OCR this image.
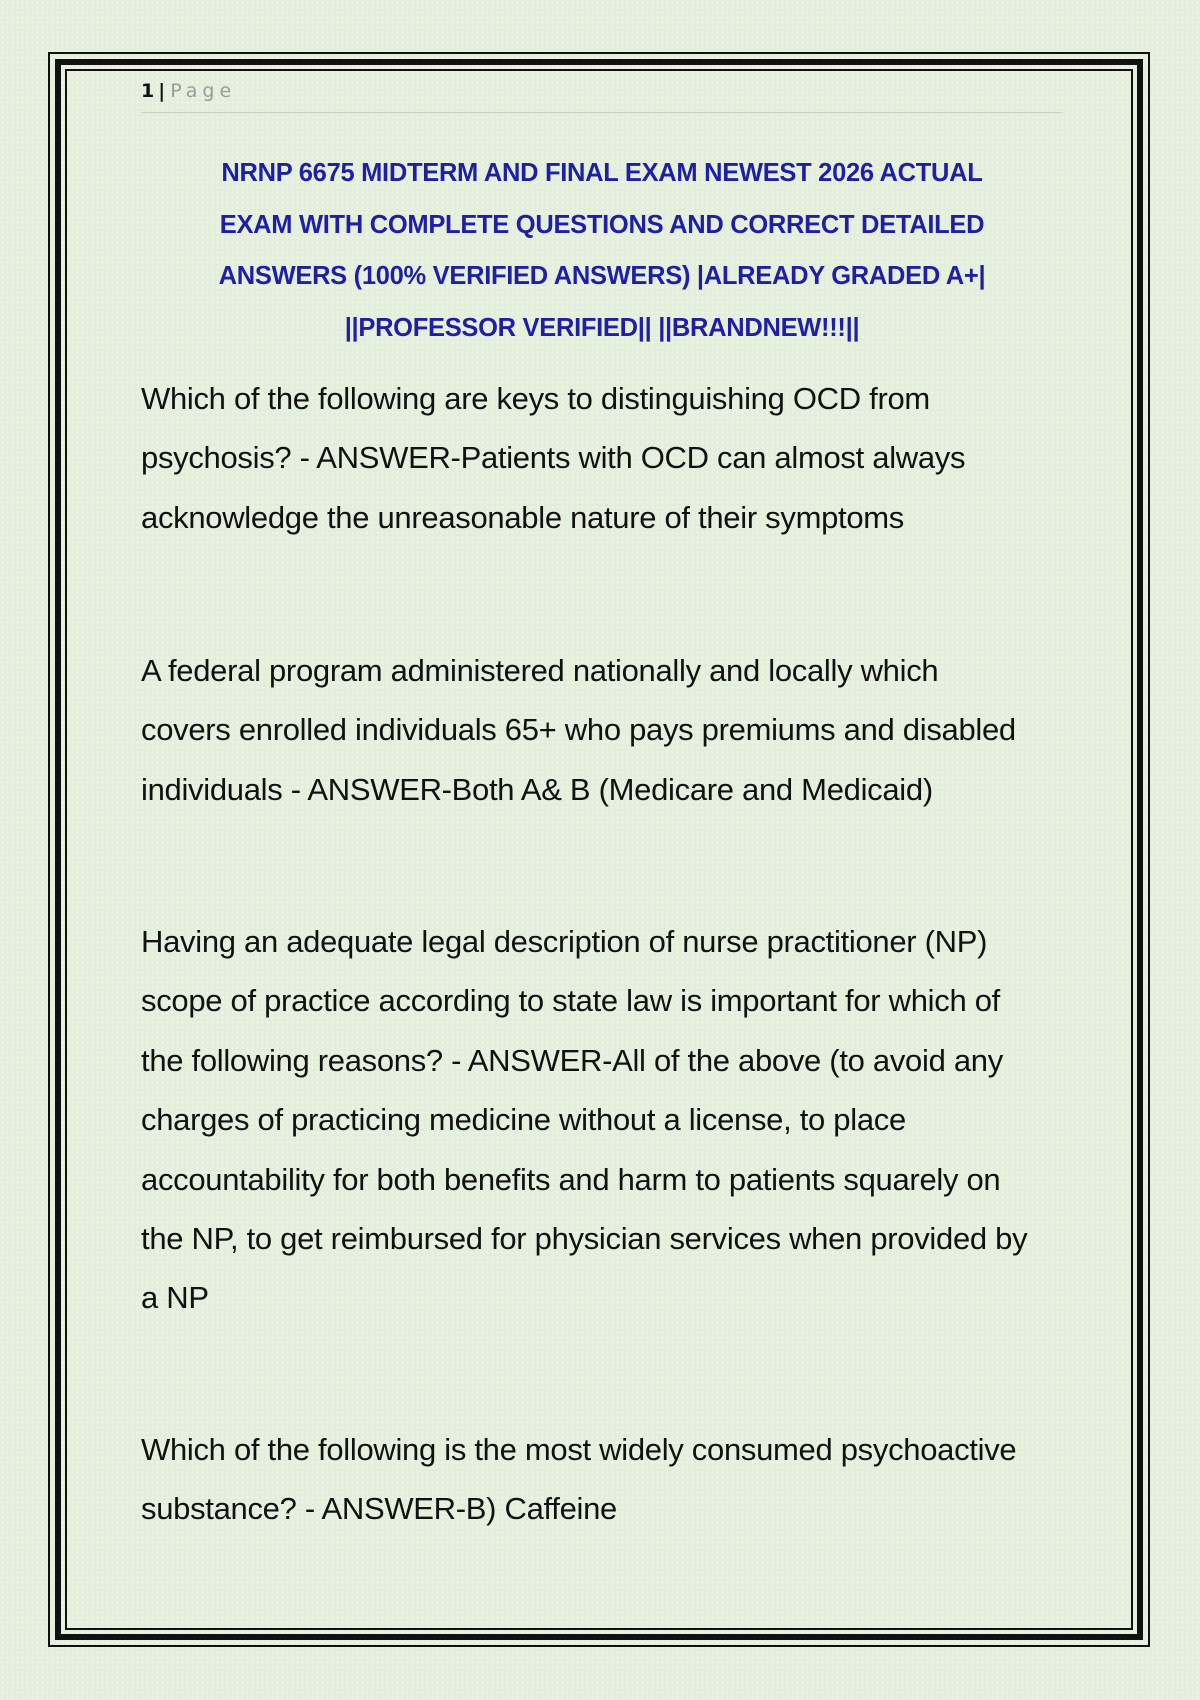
1 | Page
NRNP 6675 MIDTERM AND FINAL EXAM NEWEST 2026 ACTUAL
EXAM WITH COMPLETE QUESTIONS AND CORRECT DETAILED
ANSWERS (100% VERIFIED ANSWERS) |ALREADY GRADED A+|
||PROFESSOR VERIFIED|| ||BRANDNEW!!!||
Which of the following are keys to distinguishing OCD from
psychosis? - ANSWER-Patients with OCD can almost always
acknowledge the unreasonable nature of their symptoms
A federal program administered nationally and locally which
covers enrolled individuals 65+ who pays premiums and disabled
individuals - ANSWER-Both A& B (Medicare and Medicaid)
Having an adequate legal description of nurse practitioner (NP)
scope of practice according to state law is important for which of
the following reasons? - ANSWER-All of the above (to avoid any
charges of practicing medicine without a license, to place
accountability for both benefits and harm to patients squarely on
the NP, to get reimbursed for physician services when provided by
a NP
Which of the following is the most widely consumed psychoactive
substance? - ANSWER-B) Caffeine
